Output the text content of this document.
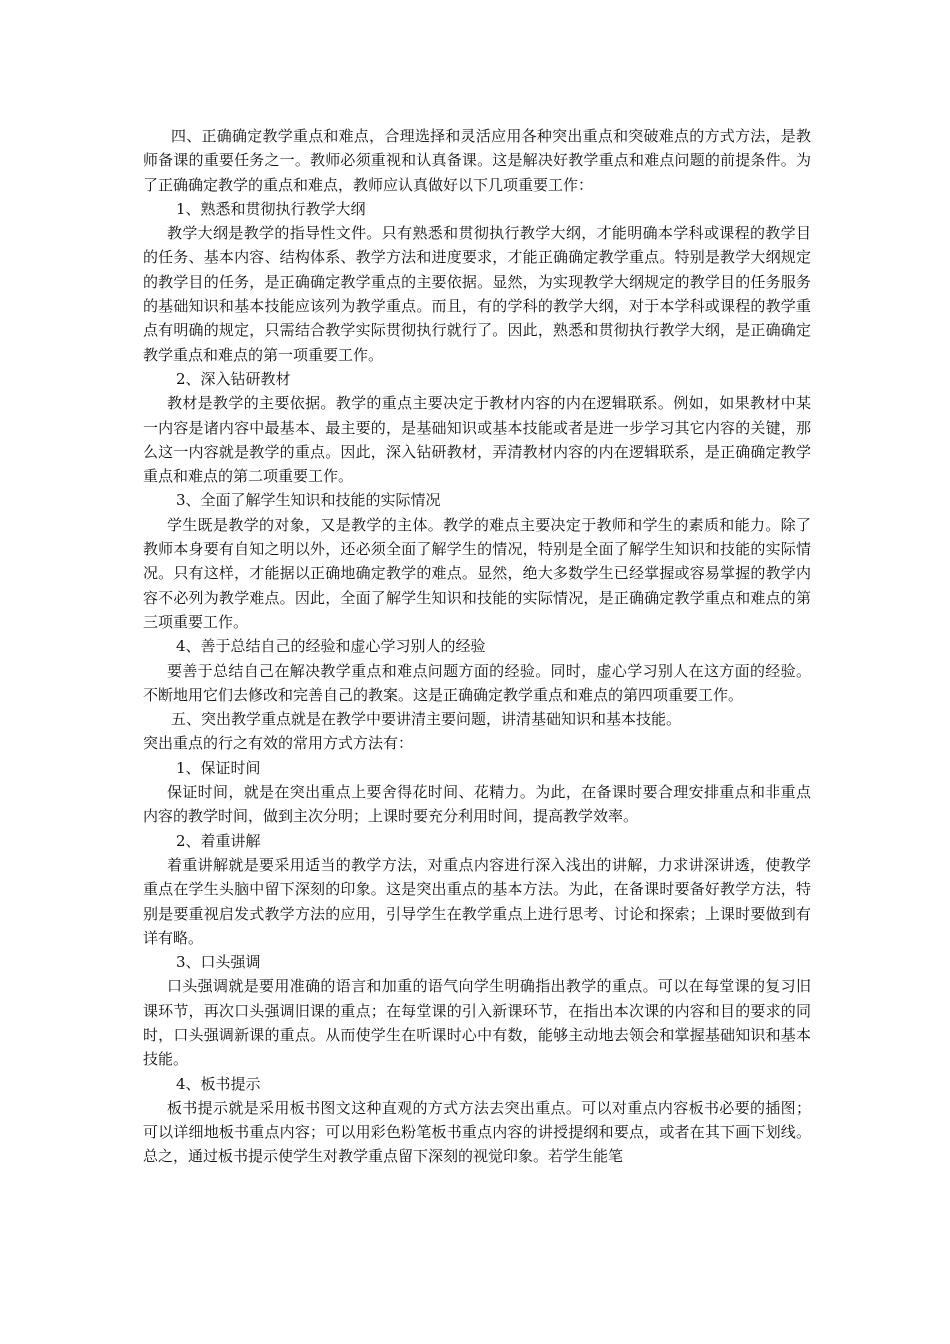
四、正确确定教学重点和难点，合理选择和灵活应用各种突出重点和突破难点的方式方法，是教师备课的重要任务之一。教师必须重视和认真备课。这是解决好教学重点和难点问题的前提条件。为了正确确定教学的重点和难点，教师应认真做好以下几项重要工作：

1、熟悉和贯彻执行教学大纲

教学大纲是教学的指导性文件。只有熟悉和贯彻执行教学大纲，才能明确本学科或课程的教学目的任务、基本内容、结构体系、教学方法和进度要求，才能正确确定教学重点。特别是教学大纲规定的教学目的任务，是正确确定教学重点的主要依据。显然，为实现教学大纲规定的教学目的任务服务的基础知识和基本技能应该列为教学重点。而且，有的学科的教学大纲，对于本学科或课程的教学重点有明确的规定，只需结合教学实际贯彻执行就行了。因此，熟悉和贯彻执行教学大纲，是正确确定教学重点和难点的第一项重要工作。

2、深入钻研教材

教材是教学的主要依据。教学的重点主要决定于教材内容的内在逻辑联系。例如，如果教材中某一内容是诸内容中最基本、最主要的，是基础知识或基本技能或者是进一步学习其它内容的关键，那么这一内容就是教学的重点。因此，深入钻研教材，弄清教材内容的内在逻辑联系，是正确确定教学重点和难点的第二项重要工作。

3、全面了解学生知识和技能的实际情况

学生既是教学的对象，又是教学的主体。教学的难点主要决定于教师和学生的素质和能力。除了教师本身要有自知之明以外，还必须全面了解学生的情况，特别是全面了解学生知识和技能的实际情况。只有这样，才能据以正确地确定教学的难点。显然，绝大多数学生已经掌握或容易掌握的教学内容不必列为教学难点。因此，全面了解学生知识和技能的实际情况，是正确确定教学重点和难点的第三项重要工作。

4、善于总结自己的经验和虚心学习别人的经验

要善于总结自己在解决教学重点和难点问题方面的经验。同时，虚心学习别人在这方面的经验。不断地用它们去修改和完善自己的教案。这是正确确定教学重点和难点的第四项重要工作。

五、突出教学重点就是在教学中要讲清主要问题，讲清基础知识和基本技能。

突出重点的行之有效的常用方式方法有：

1、保证时间

保证时间，就是在突出重点上要舍得花时间、花精力。为此，在备课时要合理安排重点和非重点内容的教学时间，做到主次分明；上课时要充分利用时间，提高教学效率。

2、着重讲解

着重讲解就是要采用适当的教学方法，对重点内容进行深入浅出的讲解，力求讲深讲透，使教学重点在学生头脑中留下深刻的印象。这是突出重点的基本方法。为此，在备课时要备好教学方法，特别是要重视启发式教学方法的应用，引导学生在教学重点上进行思考、讨论和探索；上课时要做到有详有略。

3、口头强调

口头强调就是要用准确的语言和加重的语气向学生明确指出教学的重点。可以在每堂课的复习旧课环节，再次口头强调旧课的重点；在每堂课的引入新课环节，在指出本次课的内容和目的要求的同时，口头强调新课的重点。从而使学生在听课时心中有数，能够主动地去领会和掌握基础知识和基本技能。

4、板书提示

板书提示就是采用板书图文这种直观的方式方法去突出重点。可以对重点内容板书必要的插图；可以详细地板书重点内容；可以用彩色粉笔板书重点内容的讲授提纲和要点，或者在其下画下划线。总之，通过板书提示使学生对教学重点留下深刻的视觉印象。若学生能笔
